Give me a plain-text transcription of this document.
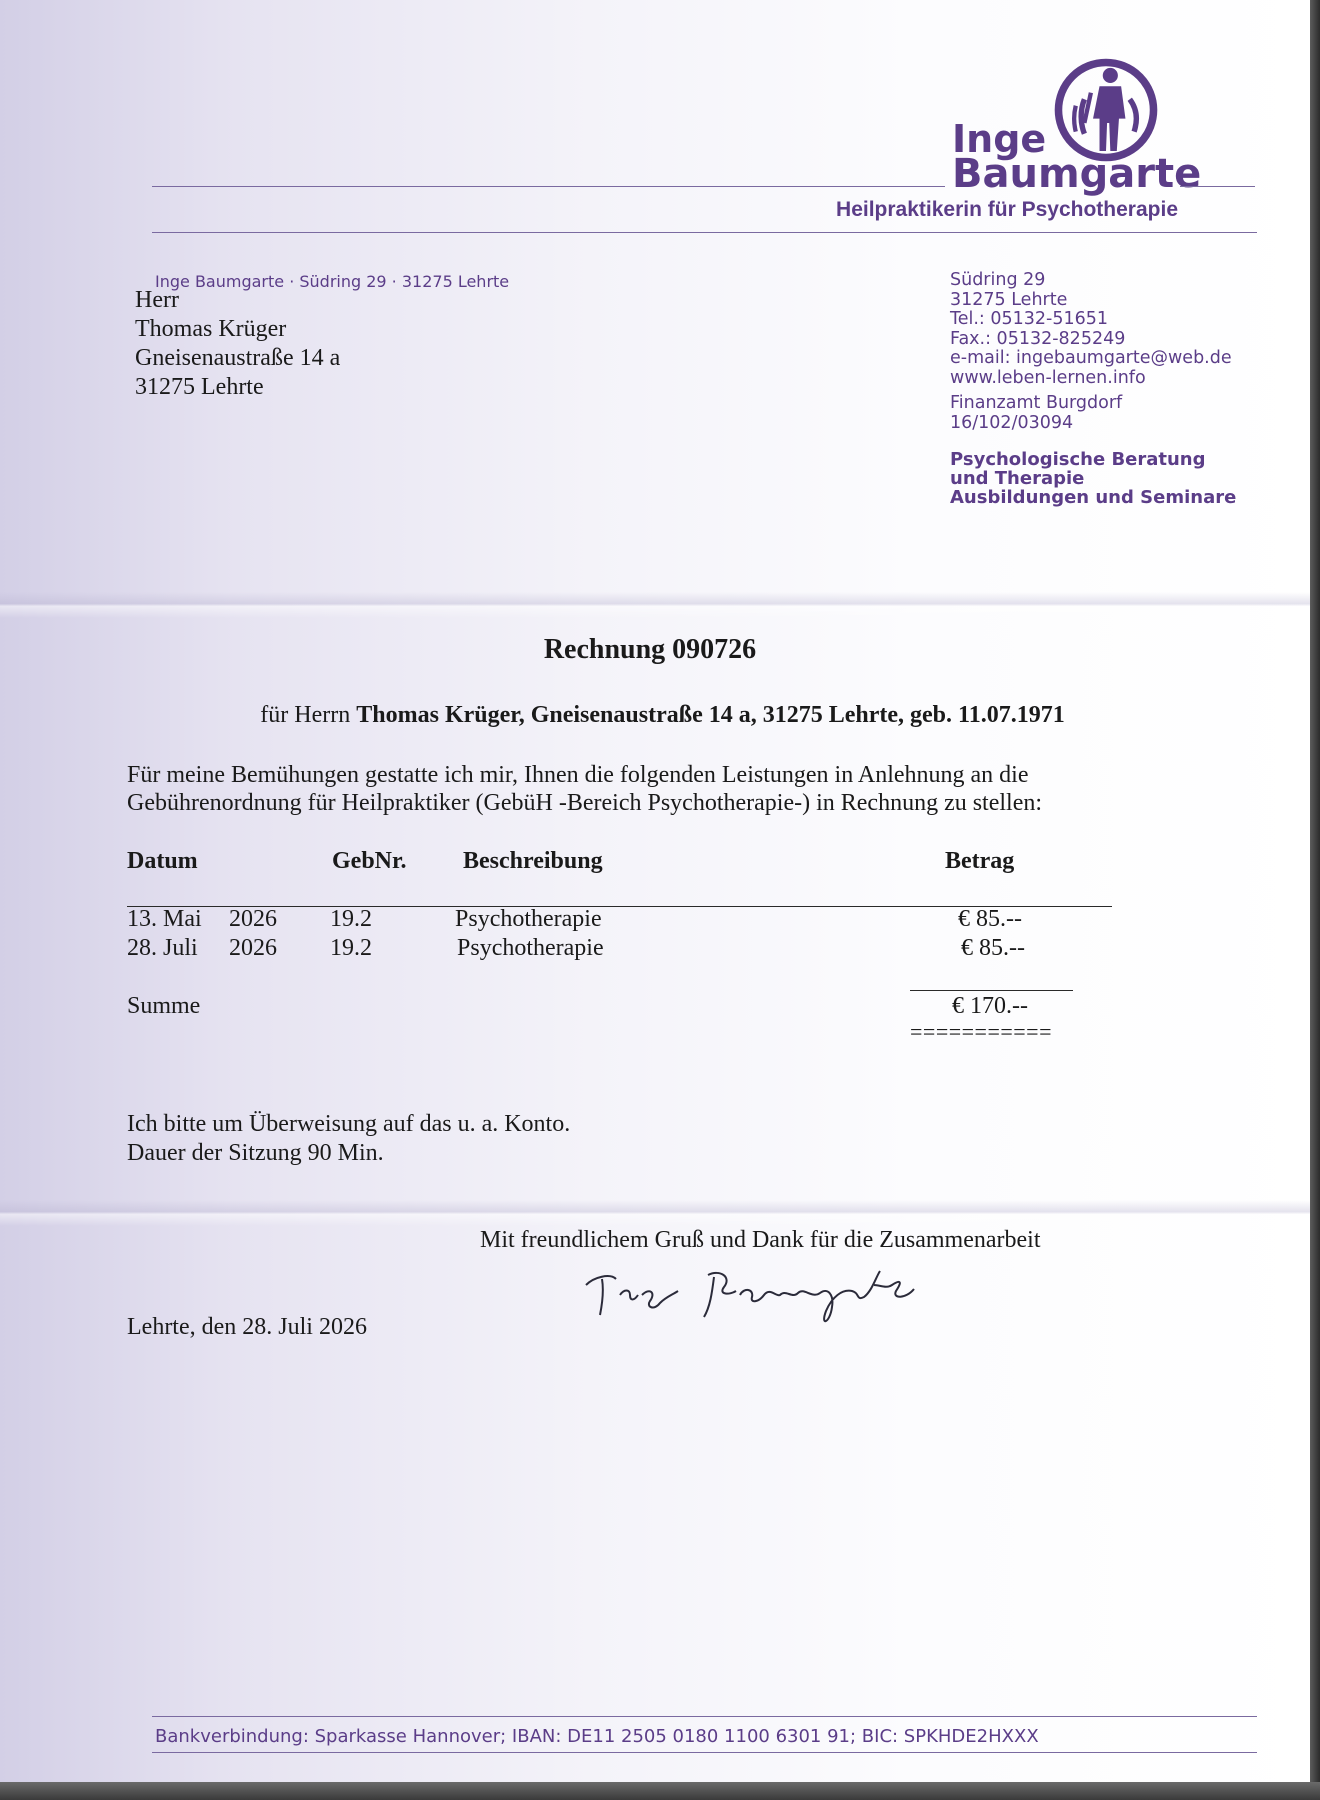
Inge
Baumgarte
Heilpraktikerin für Psychotherapie
Inge Baumgarte · Südring 29 · 31275 Lehrte
Herr
Thomas Krüger
Gneisenaustraße 14 a
31275 Lehrte
Südring 29
31275 Lehrte
Tel.: 05132-51651
Fax.: 05132-825249
e-mail: ingebaumgarte@web.de
www.leben-lernen.info
Finanzamt Burgdorf
16/102/03094
Psychologische Beratung
und Therapie
Ausbildungen und Seminare
Rechnung 090726
für Herrn Thomas Krüger, Gneisenaustraße 14 a, 31275 Lehrte, geb. 11.07.1971
Für meine Bemühungen gestatte ich mir, Ihnen die folgenden Leistungen in Anlehnung an die
Gebührenordnung für Heilpraktiker (GebüH -Bereich Psychotherapie-) in Rechnung zu stellen:
Datum	GebNr. Beschreibung	Betrag
13. Mai 2026 19.2	Psychotherapie	€ 85.--
28. Juli 2026 19.2	Psychotherapie	€ 85.--
Summe	€ 170.--
===========
Ich bitte um Überweisung auf das u. a. Konto.
Dauer der Sitzung 90 Min.
Mit freundlichem Gruß und Dank für die Zusammenarbeit
Lehrte, den 28. Juli 2026
Bankverbindung: Sparkasse Hannover; IBAN: DE11 2505 0180 1100 6301 91; BIC: SPKHDE2HXXX
